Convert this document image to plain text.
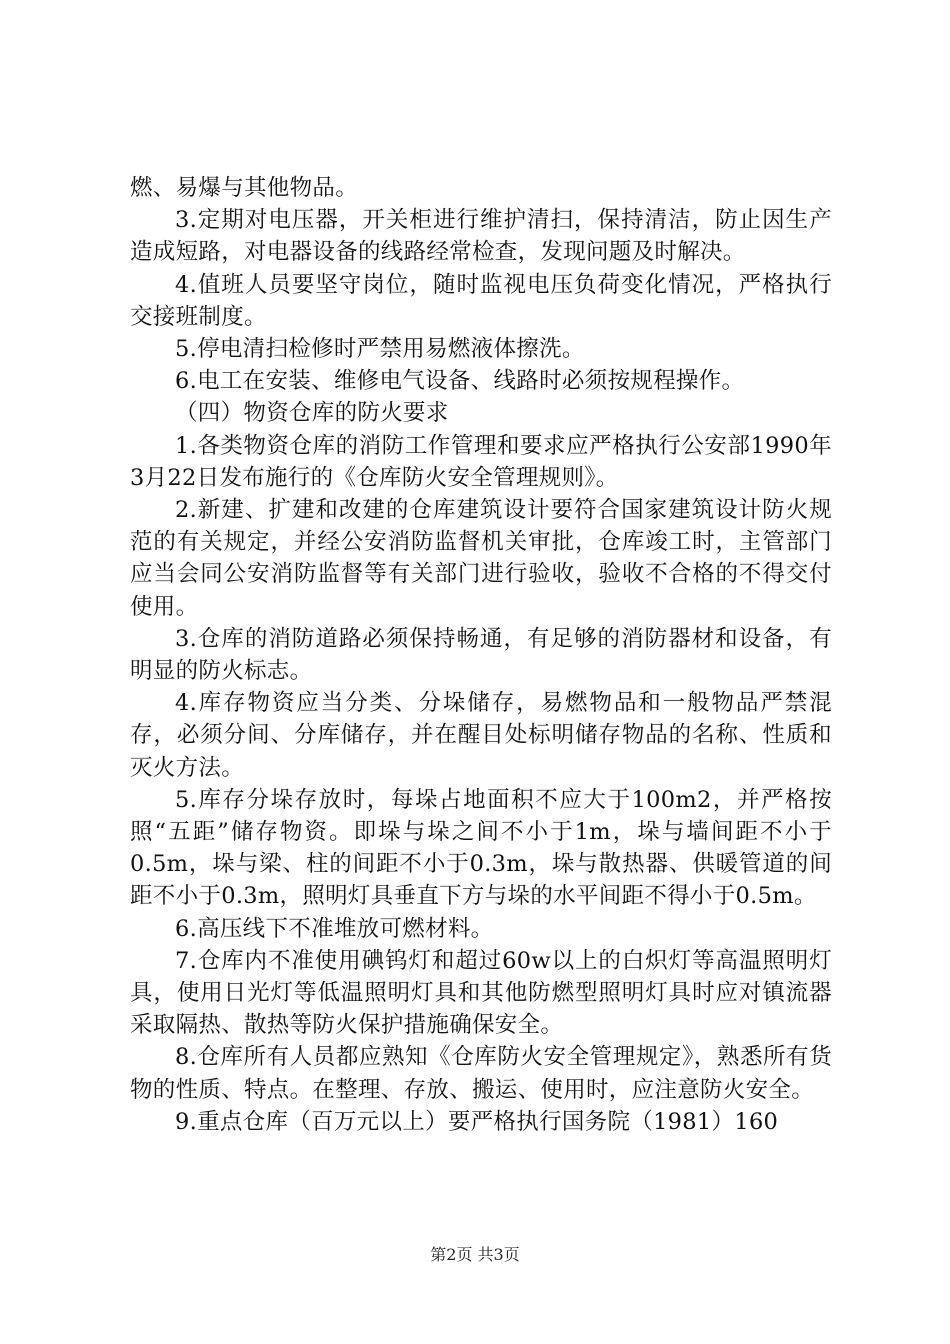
燃、易爆与其他物品。

3.定期对电压器，开关柜进行维护清扫，保持清洁，防止因生产造成短路，对电器设备的线路经常检查，发现问题及时解决。

4.值班人员要坚守岗位，随时监视电压负荷变化情况，严格执行交接班制度。

5.停电清扫检修时严禁用易燃液体擦洗。

6.电工在安装、维修电气设备、线路时必须按规程操作。

（四）物资仓库的防火要求

1.各类物资仓库的消防工作管理和要求应严格执行公安部1990年3月22日发布施行的《仓库防火安全管理规则》。

2.新建、扩建和改建的仓库建筑设计要符合国家建筑设计防火规范的有关规定，并经公安消防监督机关审批，仓库竣工时，主管部门应当会同公安消防监督等有关部门进行验收，验收不合格的不得交付使用。

3.仓库的消防道路必须保持畅通，有足够的消防器材和设备，有明显的防火标志。

4.库存物资应当分类、分垛储存，易燃物品和一般物品严禁混存，必须分间、分库储存，并在醒目处标明储存物品的名称、性质和灭火方法。

5.库存分垛存放时，每垛占地面积不应大于100m2，并严格按照“五距”储存物资。即垛与垛之间不小于1m，垛与墙间距不小于0.5m，垛与梁、柱的间距不小于0.3m，垛与散热器、供暖管道的间距不小于0.3m，照明灯具垂直下方与垛的水平间距不得小于0.5m。

6.高压线下不准堆放可燃材料。

7.仓库内不准使用碘钨灯和超过60w以上的白炽灯等高温照明灯具，使用日光灯等低温照明灯具和其他防燃型照明灯具时应对镇流器采取隔热、散热等防火保护措施确保安全。

8.仓库所有人员都应熟知《仓库防火安全管理规定》，熟悉所有货物的性质、特点。在整理、存放、搬运、使用时，应注意防火安全。

9.重点仓库（百万元以上）要严格执行国务院（1981）160

第2页 共3页
